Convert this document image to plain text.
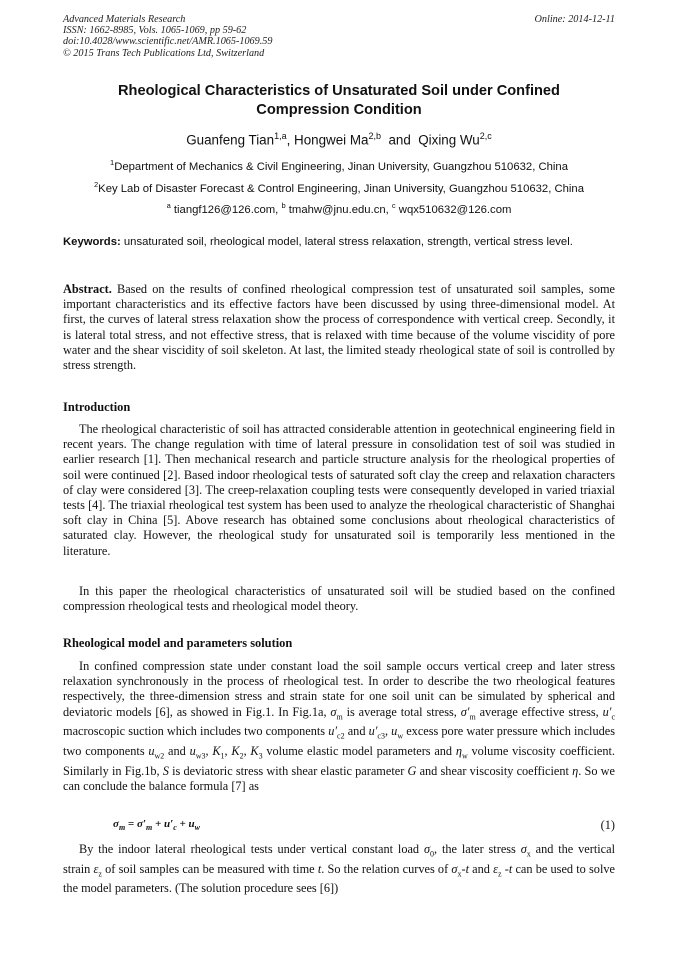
Advanced Materials Research
ISSN: 1662-8985, Vols. 1065-1069, pp 59-62
doi:10.4028/www.scientific.net/AMR.1065-1069.59
© 2015 Trans Tech Publications Ltd, Switzerland
Online: 2014-12-11
Rheological Characteristics of Unsaturated Soil under Confined
Compression Condition
Guanfeng Tian$^{1,a}$, Hongwei Ma$^{2,b}$  and  Qixing Wu$^{2,c}$
$^1$Department of Mechanics & Civil Engineering, Jinan University, Guangzhou 510632, China
$^2$Key Lab of Disaster Forecast & Control Engineering, Jinan University, Guangzhou 510632, China
$^a$ tiangf126@126.com, $^b$ tmahw@jnu.edu.cn, $^c$ wqx510632@126.com
Keywords: unsaturated soil, rheological model, lateral stress relaxation, strength, vertical stress level.
Abstract. Based on the results of confined rheological compression test of unsaturated soil samples, some important characteristics and its effective factors have been discussed by using three-dimensional model. At first, the curves of lateral stress relaxation show the process of correspondence with vertical creep. Secondly, it is lateral total stress, and not effective stress, that is relaxed with time because of the volume viscidity of pore water and the shear viscidity of soil skeleton. At last, the limited steady rheological state of soil is controlled by stress strength.
Introduction
The rheological characteristic of soil has attracted considerable attention in geotechnical engineering field in recent years. The change regulation with time of lateral pressure in consolidation test of soil was studied in earlier research [1]. Then mechanical research and particle structure analysis for the rheological properties of soil were continued [2]. Based indoor rheological tests of saturated soft clay the creep and relaxation characters of clay were considered [3]. The creep-relaxation coupling tests were consequently developed in varied triaxial tests [4]. The triaxial rheological test system has been used to analyze the rheological characteristic of Shanghai soft clay in China [5]. Above research has obtained some conclusions about rheological characteristics of saturated clay. However, the rheological study for unsaturated soil is temporarily less mentioned in the literature.
In this paper the rheological characteristics of unsaturated soil will be studied based on the confined compression rheological tests and rheological model theory.
Rheological model and parameters solution
In confined compression state under constant load the soil sample occurs vertical creep and later stress relaxation synchronously in the process of rheological test. In order to describe the two rheological features respectively, the three-dimension stress and strain state for one soil unit can be simulated by spherical and deviatoric models [6], as showed in Fig.1. In Fig.1a, $\sigma_m$ is average total stress, $\sigma'_m$ average effective stress, $u'_c$ macroscopic suction which includes two components $u'_{c2}$ and $u'_{c3}$, $u_w$ excess pore water pressure which includes two components $u_{w2}$ and $u_{w3}$, $K_1$, $K_2$, $K_3$ volume elastic model parameters and $\eta_w$ volume viscosity coefficient. Similarly in Fig.1b, S is deviatoric stress with shear elastic parameter G and shear viscosity coefficient η. So we can conclude the balance formula [7] as
$\sigma_m = \sigma'_m + u'_c + u_w$	(1)
By the indoor lateral rheological tests under vertical constant load $\sigma_0$, the later stress $\sigma_x$ and the vertical strain $\varepsilon_z$ of soil samples can be measured with time t. So the relation curves of $\sigma_x-t$ and $\varepsilon_z$ -t can be used to solve the model parameters. (The solution procedure sees [6])
